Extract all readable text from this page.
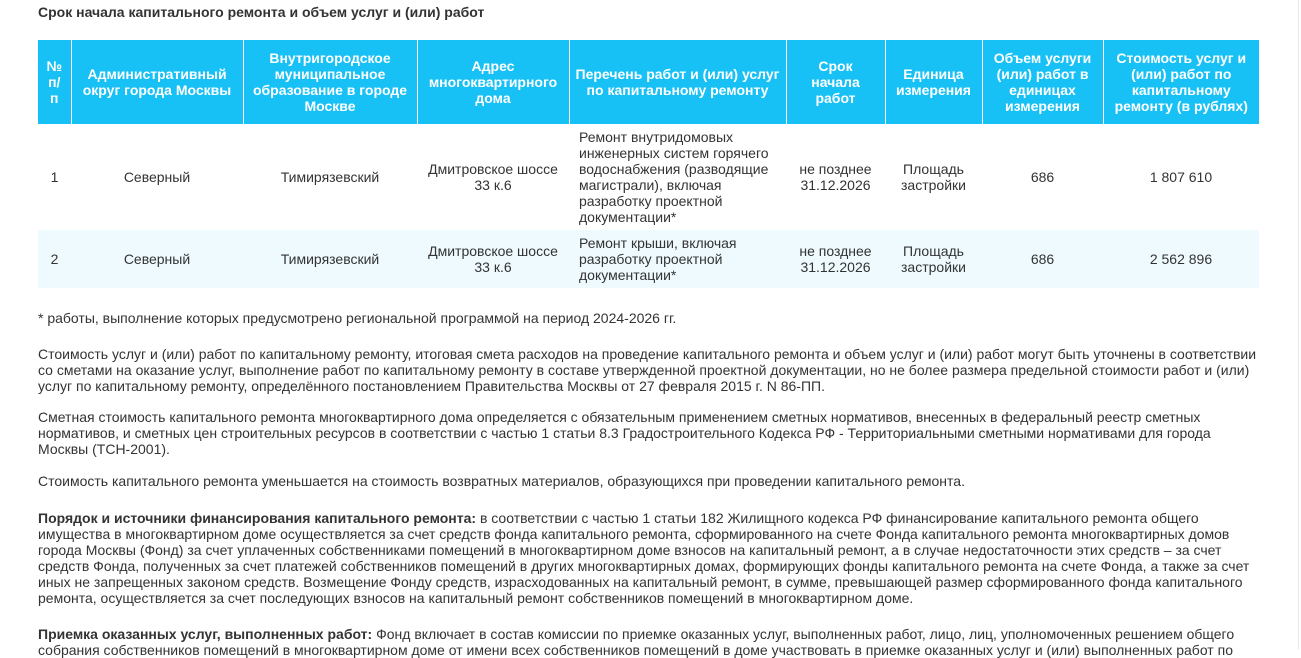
Срок начала капитального ремонта и объем услуг и (или) работ
№ п/п	Административный округ города Москвы	Внутригородское муниципальное образование в городе Москве	Адрес многоквартирного дома	Перечень работ и (или) услуг по капитальному ремонту	Срок начала работ	Единица измерения	Объем услуги (или) работ в единицах измерения	Стоимость услуг и (или) работ по капитальному ремонту (в рублях)
1	Северный	Тимирязевский	Дмитровское шоссе 33 к.6	Ремонт внутридомовых инженерных систем горячего водоснабжения (разводящие магистрали), включая разработку проектной документации*	не позднее 31.12.2026	Площадь застройки	686	1 807 610
2	Северный	Тимирязевский	Дмитровское шоссе 33 к.6	Ремонт крыши, включая разработку проектной документации*	не позднее 31.12.2026	Площадь застройки	686	2 562 896

* работы, выполнение которых предусмотрено региональной программой на период 2024-2026 гг.

Стоимость услуг и (или) работ по капитальному ремонту, итоговая смета расходов на проведение капитального ремонта и объем услуг и (или) работ могут быть уточнены в соответствии со сметами на оказание услуг, выполнение работ по капитальному ремонту в составе утвержденной проектной документации, но не более размера предельной стоимости работ и (или) услуг по капитальному ремонту, определённого постановлением Правительства Москвы от 27 февраля 2015 г. N 86-ПП.

Сметная стоимость капитального ремонта многоквартирного дома определяется с обязательным применением сметных нормативов, внесенных в федеральный реестр сметных нормативов, и сметных цен строительных ресурсов в соответствии с частью 1 статьи 8.3 Градостроительного Кодекса РФ - Территориальными сметными нормативами для города Москвы (ТСН-2001).

Стоимость капитального ремонта уменьшается на стоимость возвратных материалов, образующихся при проведении капитального ремонта.

Порядок и источники финансирования капитального ремонта: в соответствии с частью 1 статьи 182 Жилищного кодекса РФ финансирование капитального ремонта общего имущества в многоквартирном доме осуществляется за счет средств фонда капитального ремонта, сформированного на счете Фонда капитального ремонта многоквартирных домов города Москвы (Фонд) за счет уплаченных собственниками помещений в многоквартирном доме взносов на капитальный ремонт, а в случае недостаточности этих средств – за счет средств Фонда, полученных за счет платежей собственников помещений в других многоквартирных домах, формирующих фонды капитального ремонта на счете Фонда, а также за счет иных не запрещенных законом средств. Возмещение Фонду средств, израсходованных на капитальный ремонт, в сумме, превышающей размер сформированного фонда капитального ремонта, осуществляется за счет последующих взносов на капитальный ремонт собственников помещений в многоквартирном доме.

Приемка оказанных услуг, выполненных работ: Фонд включает в состав комиссии по приемке оказанных услуг, выполненных работ, лицо, лиц, уполномоченных решением общего собрания собственников помещений в многоквартирном доме от имени всех собственников помещений в доме участвовать в приемке оказанных услуг и (или) выполненных работ по
